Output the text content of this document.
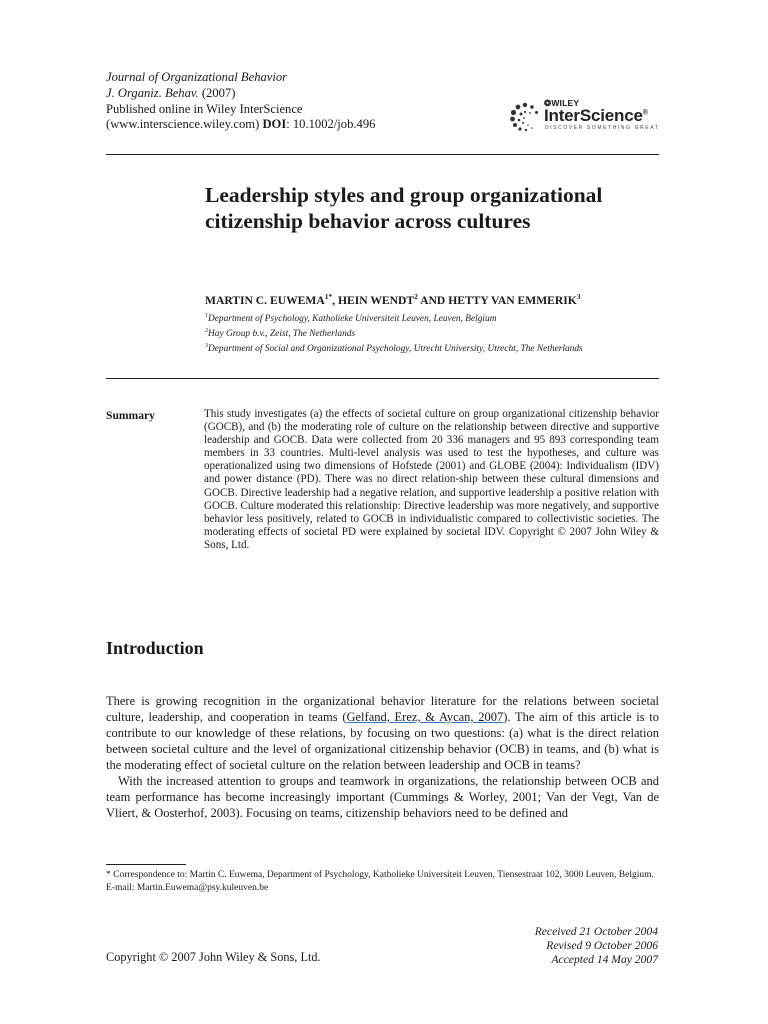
Journal of Organizational Behavior
J. Organiz. Behav. (2007)
Published online in Wiley InterScience
(www.interscience.wiley.com) DOI: 10.1002/job.496
❂WILEY
InterScience®
DISCOVER SOMETHING GREAT
Leadership styles and group organizational citizenship behavior across cultures
MARTIN C. $EUWEMA^{1*}$, HEIN WENDT$^2$ AND HETTY VAN EMMERIK$^3$
$^1$Department of Psychology, Katholieke Universiteit Leuven, Leuven, Belgium
$^2$Hay Group b.v., Zeist, The Netherlands
$^3$Department of Social and Organizational Psychology, Utrecht University, Utrecht, The Netherlands
Summary	This study investigates (a) the effects of societal culture on group organizational citizenship behavior (GOCB), and (b) the moderating role of culture on the relationship between directive and supportive leadership and GOCB. Data were collected from 20 336 managers and 95 893 corresponding team members in 33 countries. Multi-level analysis was used to test the hypotheses, and culture was operationalized using two dimensions of Hofstede (2001) and GLOBE (2004): Individualism (IDV) and power distance (PD). There was no direct relation-ship between these cultural dimensions and GOCB. Directive leadership had a negative relation, and supportive leadership a positive relation with GOCB. Culture moderated this relationship: Directive leadership was more negatively, and supportive behavior less positively, related to GOCB in individualistic compared to collectivistic societies. The moderating effects of societal PD were explained by societal IDV. Copyright © 2007 John Wiley & Sons, Ltd.
Introduction

There is growing recognition in the organizational behavior literature for the relations between societal culture, leadership, and cooperation in teams (Gelfand, Erez, & Aycan, 2007). The aim of this article is to contribute to our knowledge of these relations, by focusing on two questions: (a) what is the direct relation between societal culture and the level of organizational citizenship behavior (OCB) in teams, and (b) what is the moderating effect of societal culture on the relation between leadership and OCB in teams?

With the increased attention to groups and teamwork in organizations, the relationship between OCB and team performance has become increasingly important (Cummings & Worley, 2001; Van der Vegt, Van de Vliert, & Oosterhof, 2003). Focusing on teams, citizenship behaviors need to be defined and

* Correspondence to: Martin C. Euwema, Department of Psychology, Katholieke Universiteit Leuven, Tiensestraat 102, 3000 Leuven, Belgium. E-mail: Martin.Euwema@psy.kuleuven.be
Received 21 October 2004
Revised 9 October 2006
Accepted 14 May 2007
Copyright © 2007 John Wiley & Sons, Ltd.
